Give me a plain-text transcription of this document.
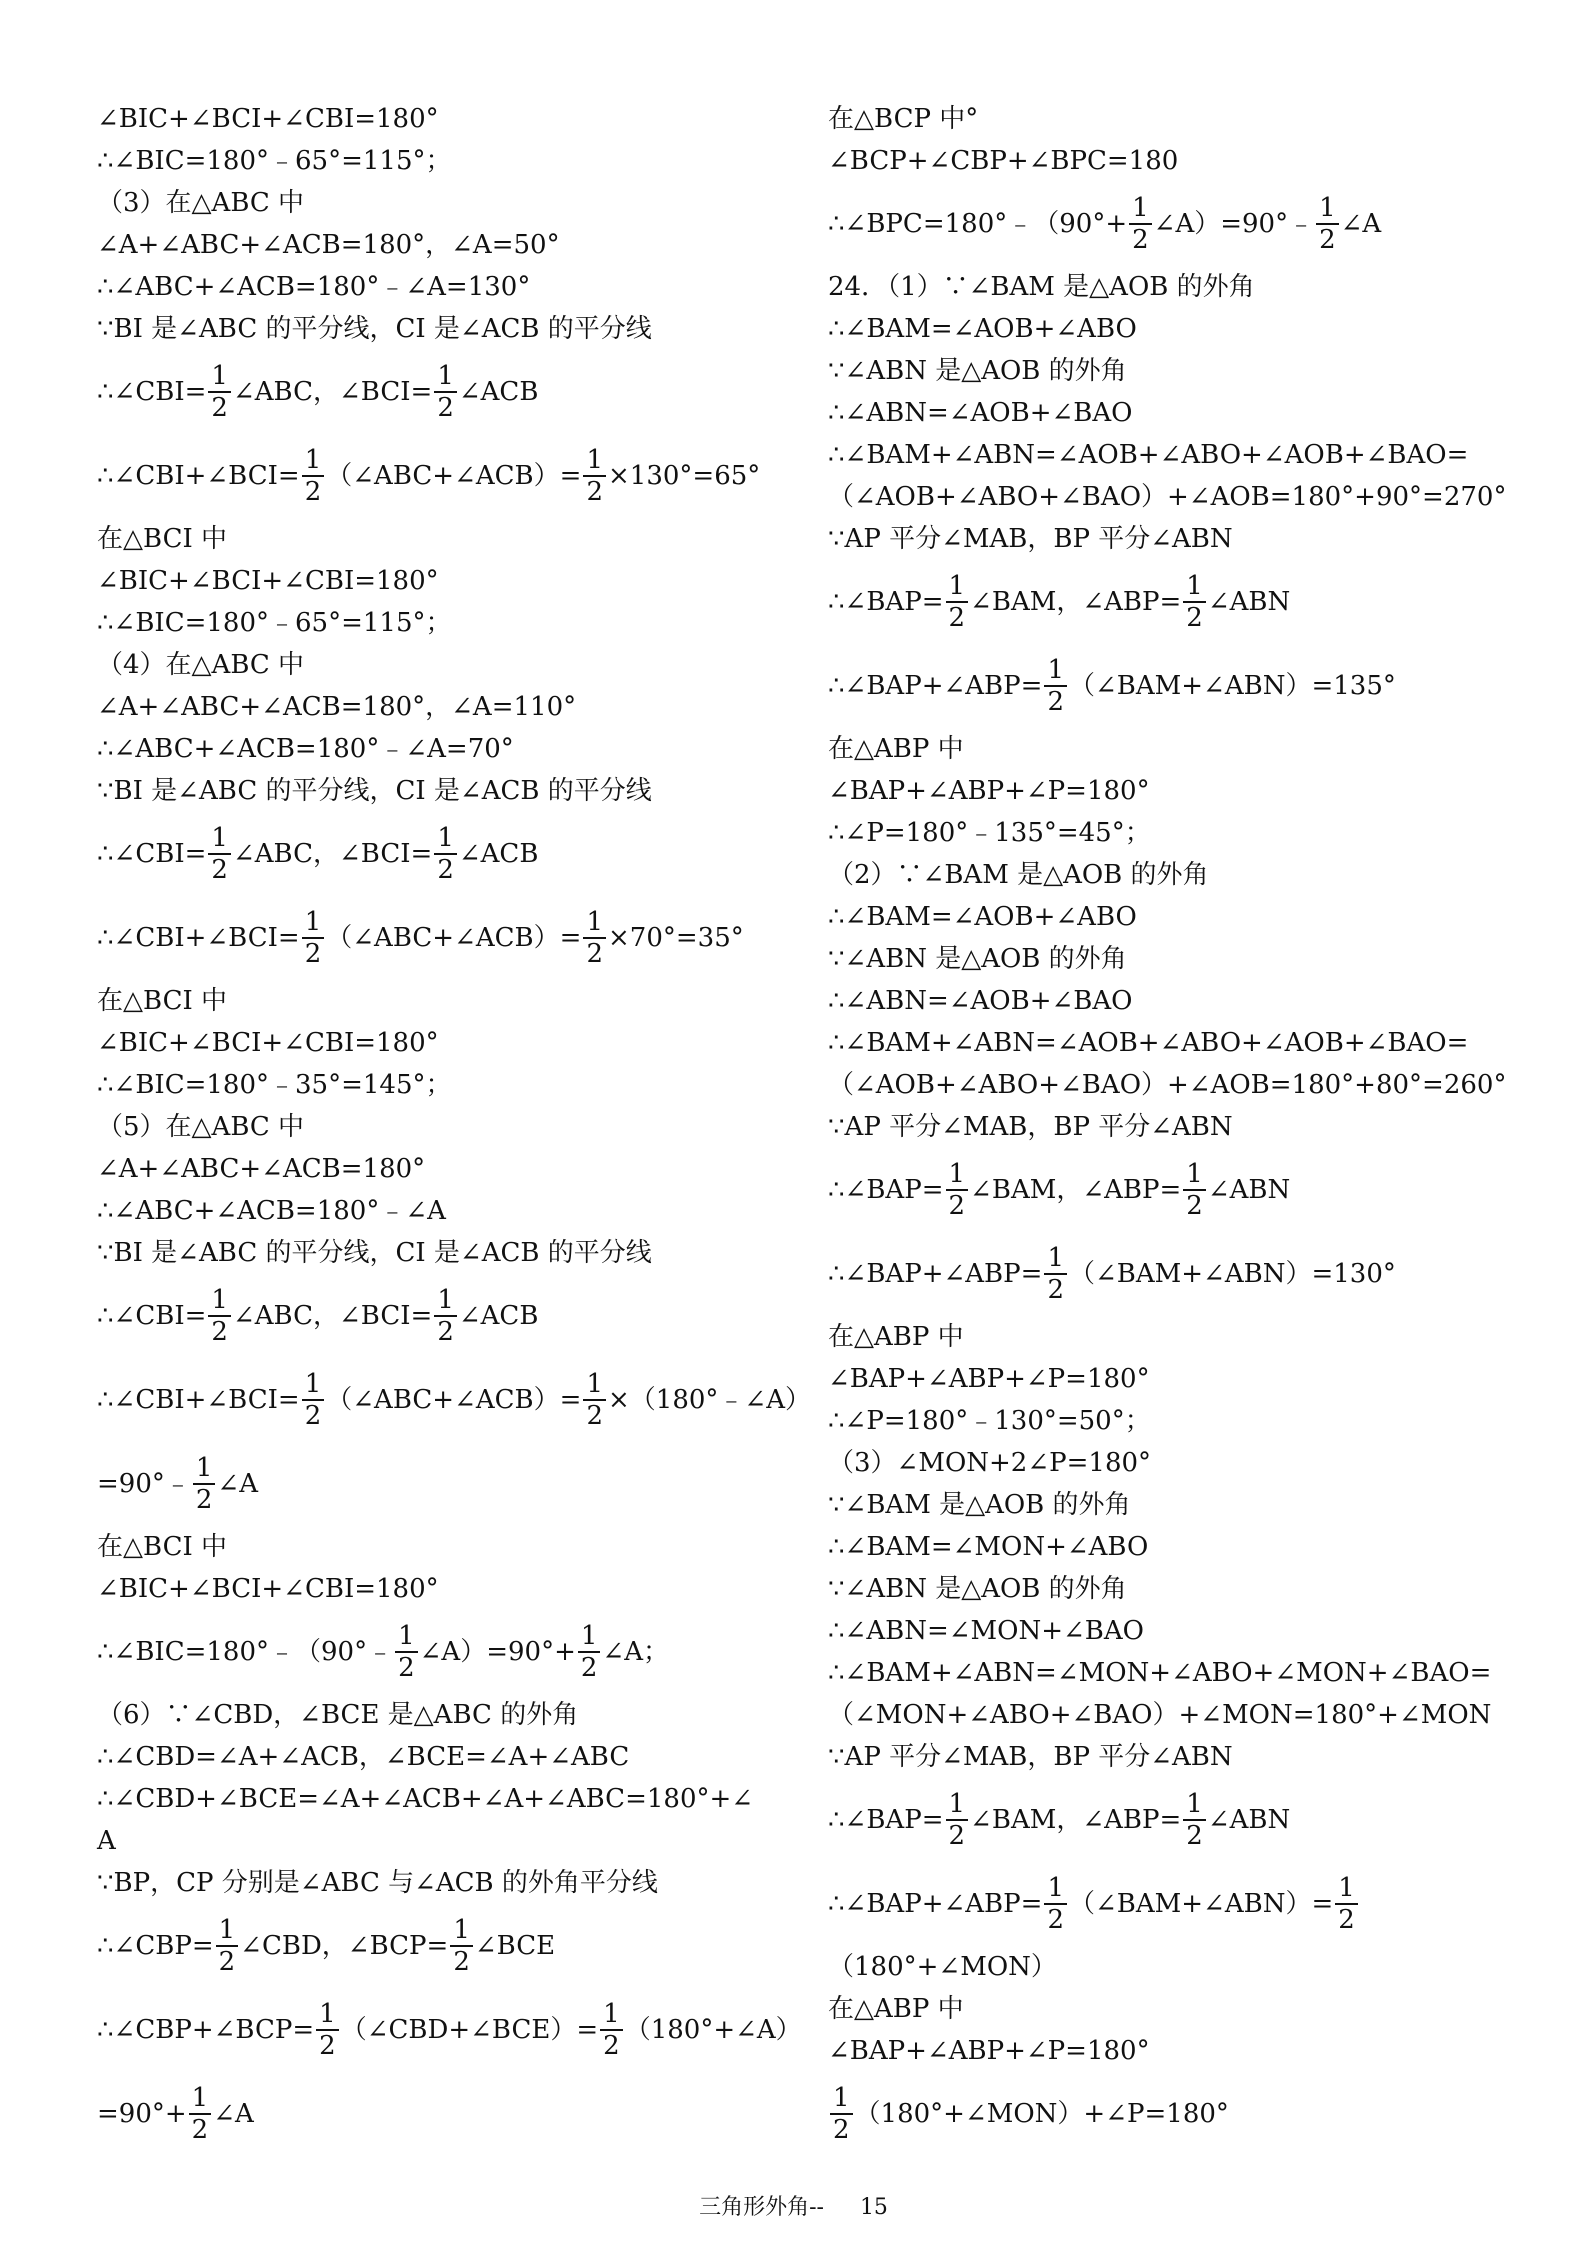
∠BIC+∠BCI+∠CBI=180°
∴∠BIC=180°﹣65°=115°；
（3）在△ABC 中
∠A+∠ABC+∠ACB=180°，∠A=50°
∴∠ABC+∠ACB=180°﹣∠A=130°
∵BI 是∠ABC 的平分线，CI 是∠ACB 的平分线
∴∠CBI= $\frac{1}{2}$ ∠ABC，∠BCI= $\frac{1}{2}$ ∠ACB
∴∠CBI+∠BCI= $\frac{1}{2}$ （∠ABC+∠ACB）= $\frac{1}{2} \times 130^\circ=65^\circ$
在△BCI 中
∠BIC+∠BCI+∠CBI=180°
∴∠BIC=180°﹣65°=115°；
（4）在△ABC 中
∠A+∠ABC+∠ACB=180°，∠A=110°
∴∠ABC+∠ACB=180°﹣∠A=70°
∵BI 是∠ABC 的平分线，CI 是∠ACB 的平分线
∴∠CBI= $\frac{1}{2}$ ∠ABC，∠BCI= $\frac{1}{2}$ ∠ACB
∴∠CBI+∠BCI= $\frac{1}{2}$ （∠ABC+∠ACB）= $\frac{1}{2} \times 70^\circ=35^\circ$
在△BCI 中
∠BIC+∠BCI+∠CBI=180°
∴∠BIC=180°﹣35°=145°；
（5）在△ABC 中
∠A+∠ABC+∠ACB=180°
∴∠ABC+∠ACB=180°﹣∠A
∵BI 是∠ABC 的平分线，CI 是∠ACB 的平分线
∴∠CBI= $\frac{1}{2}$ ∠ABC，∠BCI= $\frac{1}{2}$ ∠ACB
∴∠CBI+∠BCI= $\frac{1}{2}$ （∠ABC+∠ACB）= $\frac{1}{2}$ ×（180°﹣∠A）
=90°﹣ $\frac{1}{2}$ ∠A
在△BCI 中
∠BIC+∠BCI+∠CBI=180°
∴∠BIC=180°﹣（90°﹣ $\frac{1}{2}$ ∠A）=90°+ $\frac{1}{2}$ ∠A；
（6）∵∠CBD，∠BCE 是△ABC 的外角
∴∠CBD=∠A+∠ACB，∠BCE=∠A+∠ABC
∴∠CBD+∠BCE=∠A+∠ACB+∠A+∠ABC=180°+∠
A
∵BP，CP 分别是∠ABC 与∠ACB 的外角平分线
∴∠CBP= $\frac{1}{2}$ ∠CBD，∠BCP= $\frac{1}{2}$ ∠BCE
∴∠CBP+∠BCP= $\frac{1}{2}$ （∠CBD+∠BCE）= $\frac{1}{2}$ （180°+∠A）
$=90^\circ+ \frac{1}{2}$ ∠A
在△BCP 中°
∠BCP+∠CBP+∠BPC=180
∴∠BPC=180°﹣（90°+ $\frac{1}{2}$ ∠A）=90°﹣ $\frac{1}{2}$ ∠A
24．（1）∵∠BAM 是△AOB 的外角
∴∠BAM=∠AOB+∠ABO
∵∠ABN 是△AOB 的外角
∴∠ABN=∠AOB+∠BAO
∴∠BAM+∠ABN=∠AOB+∠ABO+∠AOB+∠BAO=
（∠AOB+∠ABO+∠BAO）+∠AOB=180°+90°=270°
∵AP 平分∠MAB，BP 平分∠ABN
∴∠BAP= $\frac{1}{2}$ ∠BAM，∠ABP= $\frac{1}{2}$ ∠ABN
∴∠BAP+∠ABP= $\frac{1}{2}$ （∠BAM+∠ABN）=135°
在△ABP 中
∠BAP+∠ABP+∠P=180°
∴∠P=180°﹣135°=45°；
（2）∵∠BAM 是△AOB 的外角
∴∠BAM=∠AOB+∠ABO
∵∠ABN 是△AOB 的外角
∴∠ABN=∠AOB+∠BAO
∴∠BAM+∠ABN=∠AOB+∠ABO+∠AOB+∠BAO=
（∠AOB+∠ABO+∠BAO）+∠AOB=180°+80°=260°
∵AP 平分∠MAB，BP 平分∠ABN
∴∠BAP= $\frac{1}{2}$ ∠BAM，∠ABP= $\frac{1}{2}$ ∠ABN
∴∠BAP+∠ABP= $\frac{1}{2}$ （∠BAM+∠ABN）=130°
在△ABP 中
∠BAP+∠ABP+∠P=180°
∴∠P=180°﹣130°=50°；
（3）∠MON+2∠P=180°
∵∠BAM 是△AOB 的外角
∴∠BAM=∠MON+∠ABO
∵∠ABN 是△AOB 的外角
∴∠ABN=∠MON+∠BAO
∴∠BAM+∠ABN=∠MON+∠ABO+∠MON+∠BAO=
（∠MON+∠ABO+∠BAO）+∠MON=180°+∠MON
∵AP 平分∠MAB，BP 平分∠ABN
∴∠BAP= $\frac{1}{2}$ ∠BAM，∠ABP= $\frac{1}{2}$ ∠ABN
∴∠BAP+∠ABP= $\frac{1}{2}$ （∠BAM+∠ABN）= $\frac{1}{2}$
（180°+∠MON）
在△ABP 中
∠BAP+∠ABP+∠P=180°
$\frac{1}{2}$ （180°+∠MON）+∠P=180°
三角形外角-- 15
